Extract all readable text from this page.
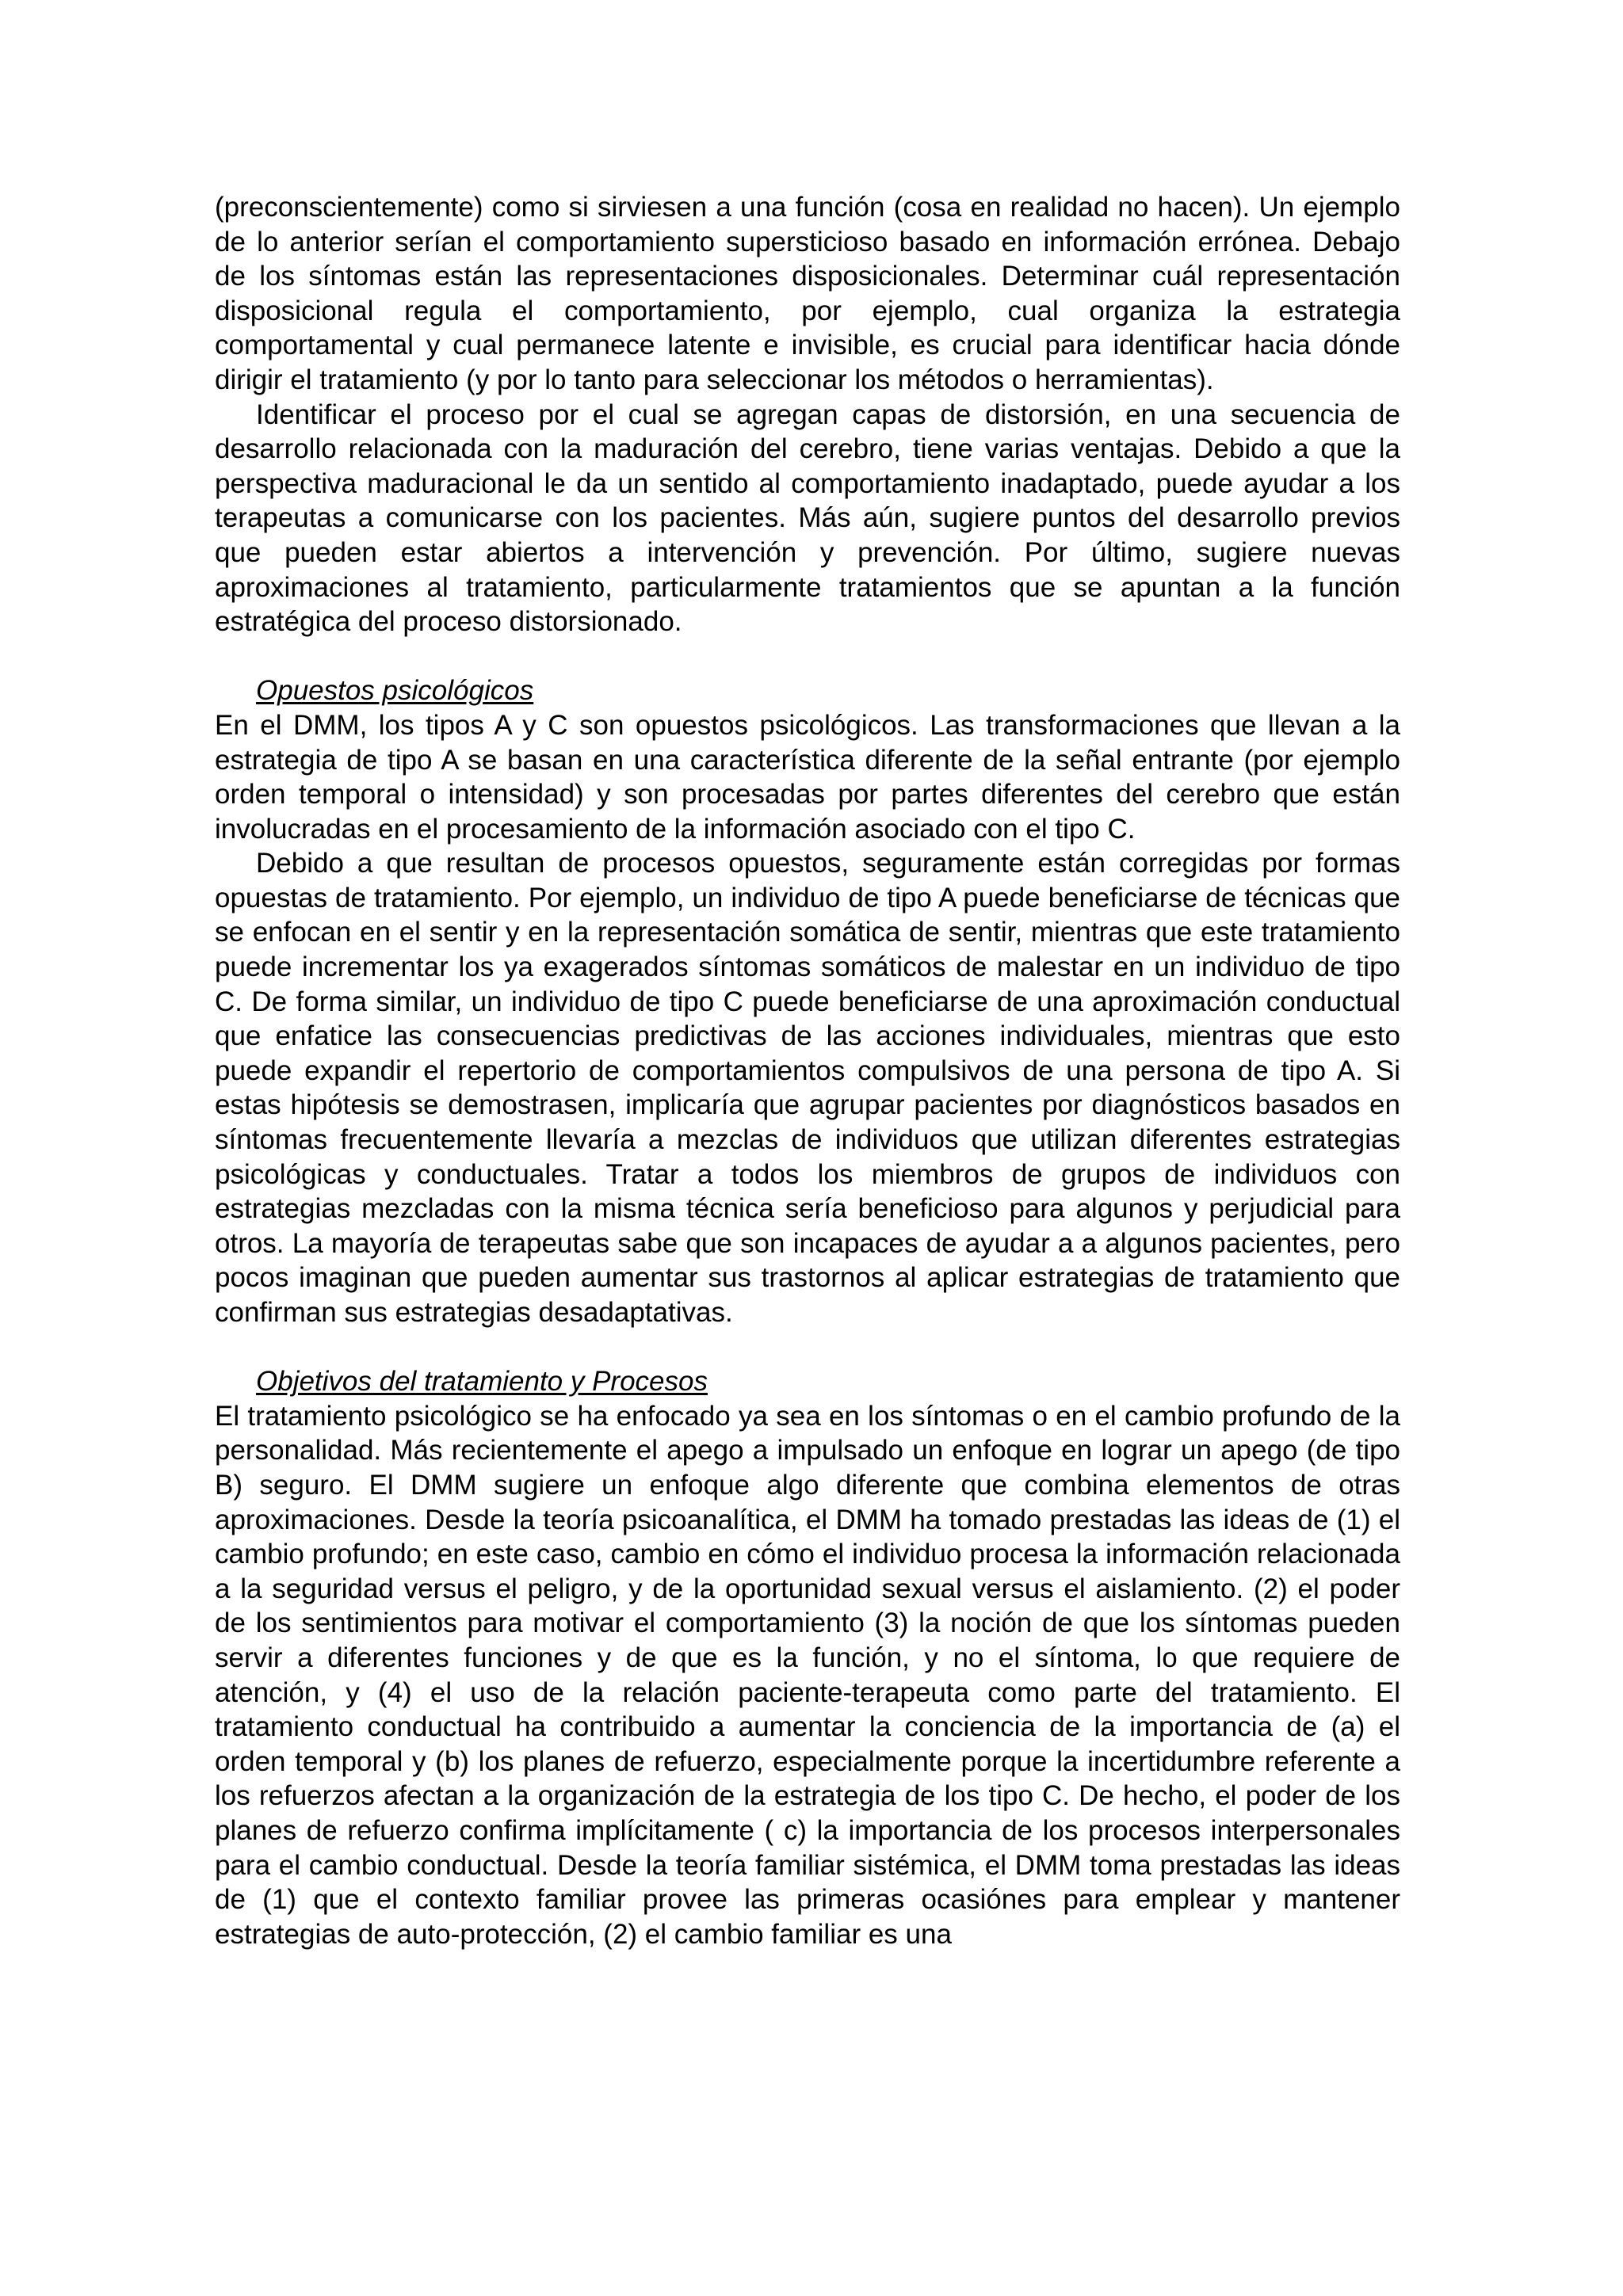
(preconscientemente) como si sirviesen a una función (cosa en realidad no hacen). Un ejemplo de lo anterior serían el comportamiento supersticioso basado en información errónea. Debajo de los síntomas están las representaciones disposicionales. Determinar cuál representación disposicional regula el comportamiento, por ejemplo, cual organiza la estrategia comportamental y cual permanece latente e invisible, es crucial para identificar hacia dónde dirigir el tratamiento (y por lo tanto para seleccionar los métodos o herramientas).

Identificar el proceso por el cual se agregan capas de distorsión, en una secuencia de desarrollo relacionada con la maduración del cerebro, tiene varias ventajas. Debido a que la perspectiva maduracional le da un sentido al comportamiento inadaptado, puede ayudar a los terapeutas a comunicarse con los pacientes. Más aún, sugiere puntos del desarrollo previos que pueden estar abiertos a intervención y prevención. Por último, sugiere nuevas aproximaciones al tratamiento, particularmente tratamientos que se apuntan a la función estratégica del proceso distorsionado.

Opuestos psicológicos

En el DMM, los tipos A y C son opuestos psicológicos. Las transformaciones que llevan a la estrategia de tipo A se basan en una característica diferente de la señal entrante (por ejemplo orden temporal o intensidad) y son procesadas por partes diferentes del cerebro que están involucradas en el procesamiento de la información asociado con el tipo C.

Debido a que resultan de procesos opuestos, seguramente están corregidas por formas opuestas de tratamiento. Por ejemplo, un individuo de tipo A puede beneficiarse de técnicas que se enfocan en el sentir y en la representación somática de sentir, mientras que este tratamiento puede incrementar los ya exagerados síntomas somáticos de malestar en un individuo de tipo C. De forma similar, un individuo de tipo C puede beneficiarse de una aproximación conductual que enfatice las consecuencias predictivas de las acciones individuales, mientras que esto puede expandir el repertorio de comportamientos compulsivos de una persona de tipo A. Si estas hipótesis se demostrasen, implicaría que agrupar pacientes por diagnósticos basados en síntomas frecuentemente llevaría a mezclas de individuos que utilizan diferentes estrategias psicológicas y conductuales. Tratar a todos los miembros de grupos de individuos con estrategias mezcladas con la misma técnica sería beneficioso para algunos y perjudicial para otros. La mayoría de terapeutas sabe que son incapaces de ayudar a a algunos pacientes, pero pocos imaginan que pueden aumentar sus trastornos al aplicar estrategias de tratamiento que confirman sus estrategias desadaptativas.

Objetivos del tratamiento y Procesos

El tratamiento psicológico se ha enfocado ya sea en los síntomas o en el cambio profundo de la personalidad. Más recientemente el apego a impulsado un enfoque en lograr un apego (de tipo B) seguro. El DMM sugiere un enfoque algo diferente que combina elementos de otras aproximaciones. Desde la teoría psicoanalítica, el DMM ha tomado prestadas las ideas de (1) el cambio profundo; en este caso, cambio en cómo el individuo procesa la información relacionada a la seguridad versus el peligro, y de la oportunidad sexual versus el aislamiento. (2) el poder de los sentimientos para motivar el comportamiento (3) la noción de que los síntomas pueden servir a diferentes funciones y de que es la función, y no el síntoma, lo que requiere de atención, y (4) el uso de la relación paciente-terapeuta como parte del tratamiento. El tratamiento conductual ha contribuido a aumentar la conciencia de la importancia de (a) el orden temporal y (b) los planes de refuerzo, especialmente porque la incertidumbre referente a los refuerzos afectan a la organización de la estrategia de los tipo C. De hecho, el poder de los planes de refuerzo confirma implícitamente ( c) la importancia de los procesos interpersonales para el cambio conductual. Desde la teoría familiar sistémica, el DMM toma prestadas las ideas de (1) que el contexto familiar provee las primeras ocasiónes para emplear y mantener estrategias de auto-protección, (2) el cambio familiar es una
